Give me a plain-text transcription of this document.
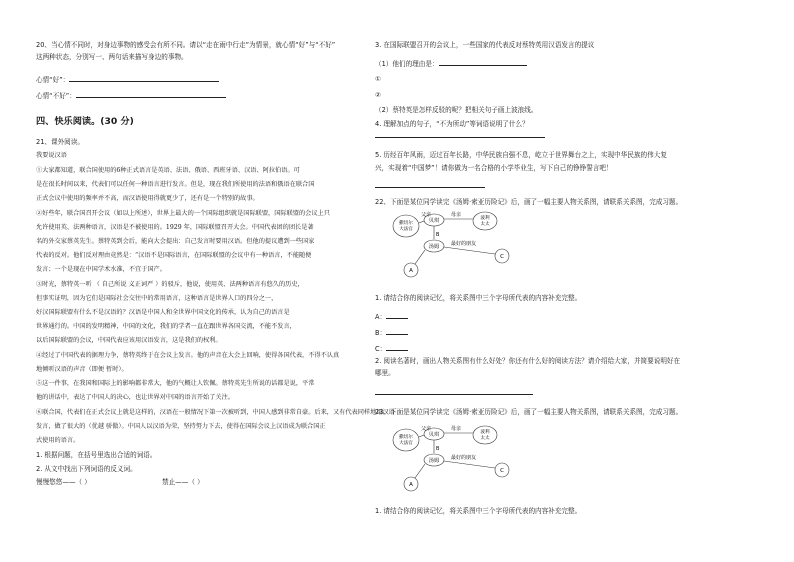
20、当心情不同时，对身边事物的感受会有所不同。请以“走在雨中行走”为情景，就心情“好”与“不好”
这两种状态，分别写一、两句话来描写身边的事物。
心情“好”：
心情“不好”：
四、快乐阅读。(30 分)
21、课外阅读。
我要说汉语
①大家都知道，联合国使用的6种正式语言是英语、法语、俄语、西班牙语、汉语、阿拉伯语。可
是在很长时间以来，代表们可以任何一种语言进行发言。但是，现在我们所使用的法语和俄语在联合国
正式会议中使用的频率并不高，而汉语使用得就更少了，还有是一个特别的故事。
②好些年，联合国召开会议（如以上所述），世界上最大的一个国际组织就是国际联盟，国际联盟的会议上只
允许使用英、法两种语言，汉语是不被使用的。1929 年，国际联盟召开大会。中国代表团的团长是著
名的外交家蔡英先生。蔡特英到会后，能向大会提出：自己发言时要用汉语。但他的提议遭到一些国家
代表的反对。他们反对理由竟然是：“汉语不是国际语言，在国际联盟的会议中有一种语言，不能随便
发言；一个是现在中国学术水准，不宜于国产。
③时光，蔡特英一听 （ 自己所说 义正词严 ）的驳斥，他说，使用英、法两种语言有悠久的历史，
但事实证明，因为它们是国际社会交往中的常用语言，这种语言是世界人口的四分之一，
好汉国际联盟有什么不是汉语的？汉语是中国人和全世界中国文化的传承，认为自己的语言是
世界通行的。中国的发明精神，中国的文化，我们的学者一直在跟世界各国交流，不能不发言，
以后国际联盟的会议，中国代表应该用汉语发言，这是我们的权利。
④经过了中国代表的据理力争，蔡特英终于在会议上发言。他的声音在大会上回响，使得各国代表，不得不认真
地倾听汉语的声音（即便 暂时）。
⑤这一件事，在我国和国际上的影响都非常大，他的气概让人钦佩。蔡特英先生所说的话都是说，平常
他的讲话中，表达了中国人的决心，也让世界对中国的语言开始了关注。
⑥联合国，代表们在正式会议上就是这样的，汉语在一般情况下第一次被听到，中国人感到非常自豪。后来，又有代表同样地用汉语
发言，做了很大的（优越 骄傲）。中国人以汉语为荣，坚持努力下去，使得在国际会议上汉语成为联合国正
式使用的语言。
1. 根据问题，在括号里选出合适的词语。
2. 从文中找出下列词语的反义词。
慢慢悠悠——（ ）	禁止——（ ）
3. 在国际联盟召开的会议上，一些国家的代表反对蔡特英用汉语发言的提议
（1）他们的理由是：
①
②
（2）蔡特英是怎样反驳的呢？把相关句子画上波浪线。
4. 理解加点的句子，“不为所动”等词语说明了什么？
5. 历经百年风雨，迈过百年长路，中华民族自强不息，屹立于世界舞台之上，实现中华民族的伟大复
兴，实现着“中国梦”！请你做为一名合格的小学毕业生，写下自己的铮铮誓言吧！
22、下面是某位同学读完《汤姆·索亚历险记》后，画了一幅主要人物关系图，请联系关系图，完成习题。
撒切尔
大法官
贝琪	波利
太太
父亲	母亲
B
汤姆
A
最好的朋友
C
1. 请结合你的阅读记忆，将关系图中三个字母所代表的内容补充完整。
A：
B：
C：
2. 阅读名著时，画出人物关系图有什么好处？你还有什么好的阅读方法？请介绍给大家，并简要说明好在
哪里。
23、下面是某位同学读完《汤姆·索亚历险记》后，画了一幅主要人物关系图，请联系关系图，完成习题。
撒切尔
大法官
贝琪	波利
太太
父亲	母亲
B
汤姆
A
最好的朋友
C
1. 请结合你的阅读记忆，将关系图中三个字母所代表的内容补充完整。
